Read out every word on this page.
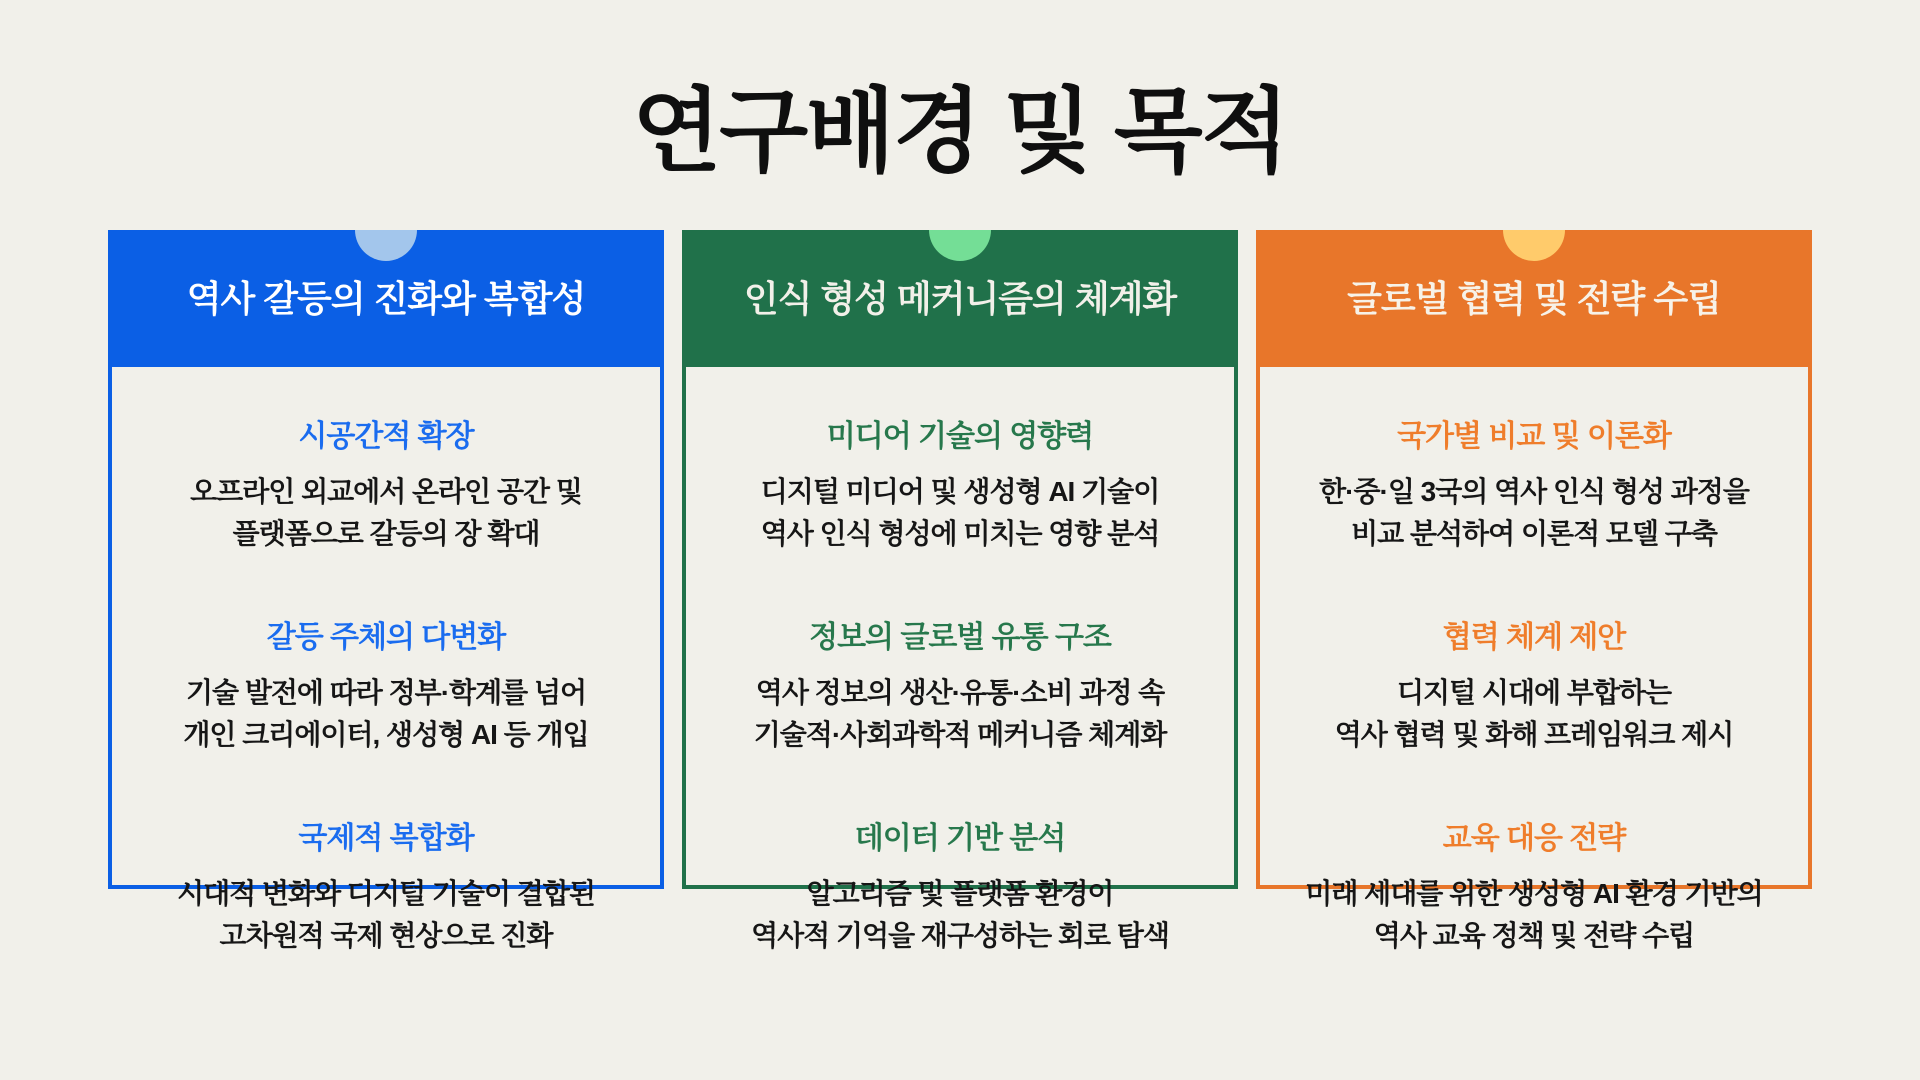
연구배경 및 목적
역사 갈등의 진화와 복합성
시공간적 확장
오프라인 외교에서 온라인 공간 및
플랫폼으로 갈등의 장 확대
갈등 주체의 다변화
기술 발전에 따라 정부·학계를 넘어
개인 크리에이터, 생성형 AI 등 개입
국제적 복합화
시대적 변화와 디지털 기술이 결합된
고차원적 국제 현상으로 진화
인식 형성 메커니즘의 체계화
미디어 기술의 영향력
디지털 미디어 및 생성형 AI 기술이
역사 인식 형성에 미치는 영향 분석
정보의 글로벌 유통 구조
역사 정보의 생산·유통·소비 과정 속
기술적·사회과학적 메커니즘 체계화
데이터 기반 분석
알고리즘 및 플랫폼 환경이
역사적 기억을 재구성하는 회로 탐색
글로벌 협력 및 전략 수립
국가별 비교 및 이론화
한·중·일 3국의 역사 인식 형성 과정을
비교 분석하여 이론적 모델 구축
협력 체계 제안
디지털 시대에 부합하는
역사 협력 및 화해 프레임워크 제시
교육 대응 전략
미래 세대를 위한 생성형 AI 환경 기반의
역사 교육 정책 및 전략 수립
